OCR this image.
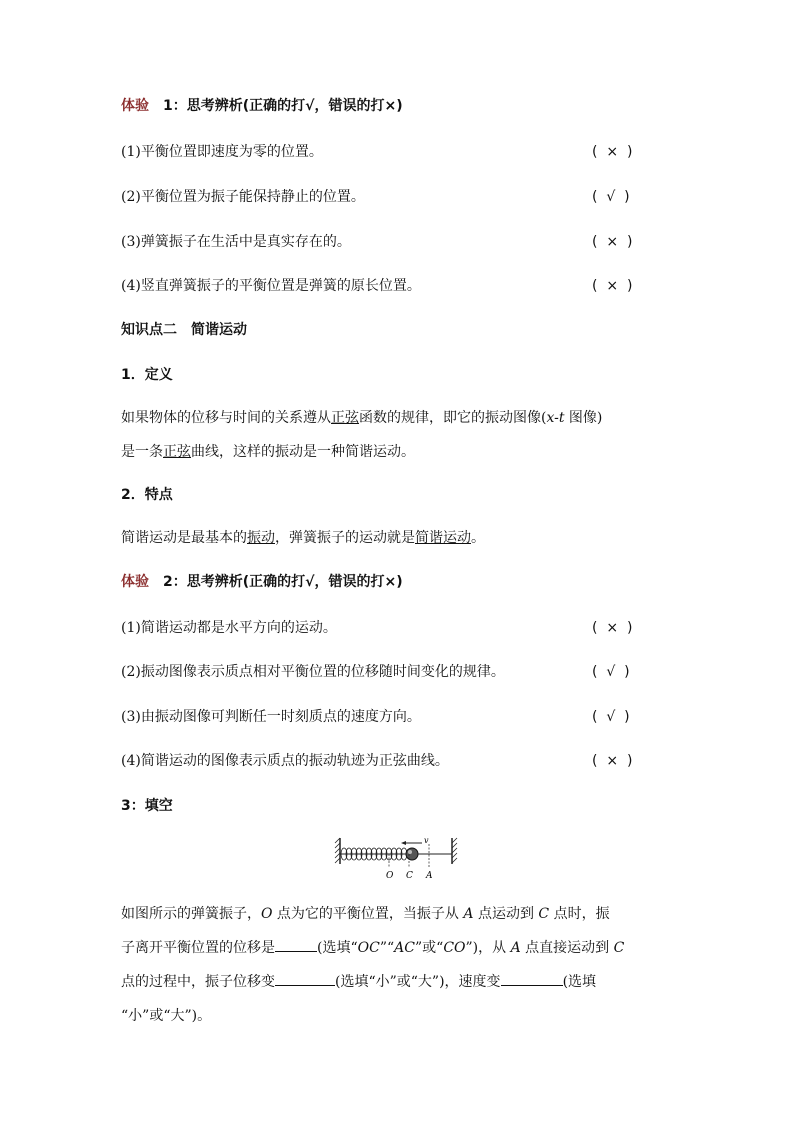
体验 1：思考辨析(正确的打√，错误的打×)
(1)平衡位置即速度为零的位置。	(  ×  )
(2)平衡位置为振子能保持静止的位置。	(  √  )
(3)弹簧振子在生活中是真实存在的。	(  ×  )
(4)竖直弹簧振子的平衡位置是弹簧的原长位置。	(  ×  )
知识点二　简谐运动
1．定义
如果物体的位移与时间的关系遵从正弦函数的规律，即它的振动图像(x-t 图像)
是一条正弦曲线，这样的振动是一种简谐运动。
2．特点
简谐运动是最基本的振动，弹簧振子的运动就是简谐运动。
体验 2：思考辨析(正确的打√，错误的打×)
(1)简谐运动都是水平方向的运动。	(  ×  )
(2)振动图像表示质点相对平衡位置的位移随时间变化的规律。	(  √  )
(3)由振动图像可判断任一时刻质点的速度方向。	(  √  )
(4)简谐运动的图像表示质点的振动轨迹为正弦曲线。	(  ×  )
3：填空
v
O C A
如图所示的弹簧振子，O 点为它的平衡位置，当振子从 A 点运动到 C 点时，振
子离开平衡位置的位移是	(选填“OC”“AC”或“CO”)，从 A 点直接运动到 C
点的过程中，振子位移变	(选填“小”或“大”)，速度变	(选填
“小”或“大”)。
